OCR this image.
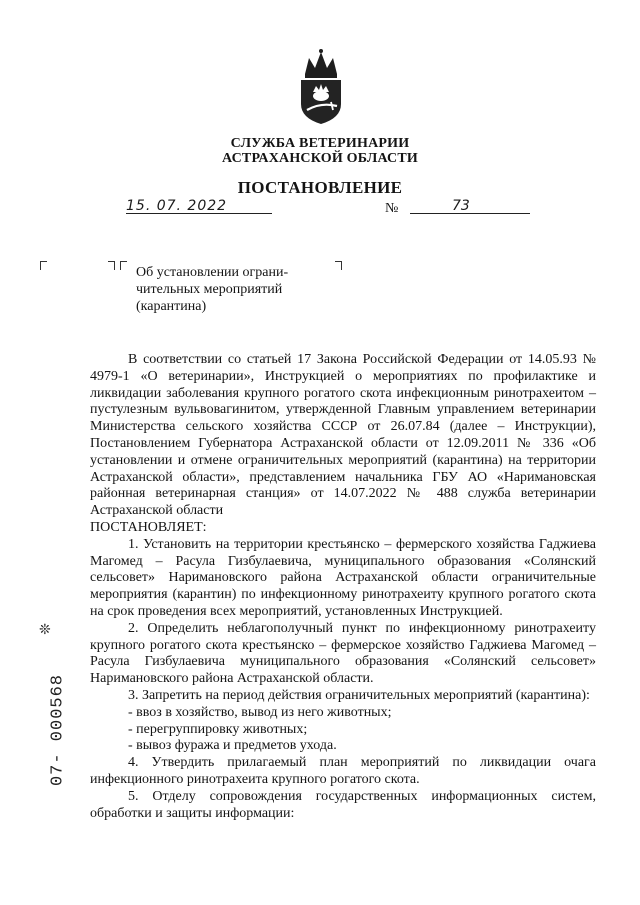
СЛУЖБА ВЕТЕРИНАРИИ
АСТРАХАНСКОЙ ОБЛАСТИ
ПОСТАНОВЛЕНИЕ
15. 07. 2022	№	73

Об установлении ограни-

чительных мероприятий

(карантина)

В соответствии со статьей 17 Закона Российской Федерации от 14.05.93 № 4979-1 «О ветеринарии», Инструкцией о мероприятиях по профилактике и ликвидации заболевания крупного рогатого скота инфекционным ринотрахеитом – пустулезным вульвовагинитом, утвержденной Главным управлением ветеринарии Министерства сельского хозяйства СССР от 26.07.84 (далее – Инструкции), Постановлением Губернатора Астраханской области от 12.09.2011 № 336 «Об установлении и отмене ограничительных мероприятий (карантина) на территории Астраханской области», представлением начальника ГБУ АО «Наримановская районная ветеринарная станция» от 14.07.2022 № 488 служба ветеринарии Астраханской области

ПОСТАНОВЛЯЕТ:

1. Установить на территории крестьянско – фермерского хозяйства Гаджиева Магомед – Расула Гизбулаевича, муниципального образования «Солянский сельсовет» Наримановского района Астраханской области ограничительные мероприятия (карантин) по инфекционному ринотрахеиту крупного рогатого скота на срок проведения всех мероприятий, установленных Инструкцией.

2. Определить неблагополучный пункт по инфекционному ринотрахеиту крупного рогатого скота крестьянско – фермерское хозяйство Гаджиева Магомед – Расула Гизбулаевича муниципального образования «Солянский сельсовет» Наримановского района Астраханской области.

3. Запретить на период действия ограничительных мероприятий (карантина):

- ввоз в хозяйство, вывод из него животных;

- перегруппировку животных;

- вывоз фуража и предметов ухода.

4. Утвердить прилагаемый план мероприятий по ликвидации очага инфекционного ринотрахеита крупного рогатого скота.

5. Отделу сопровождения государственных информационных систем, обработки и защиты информации:

❊
07- 000568
